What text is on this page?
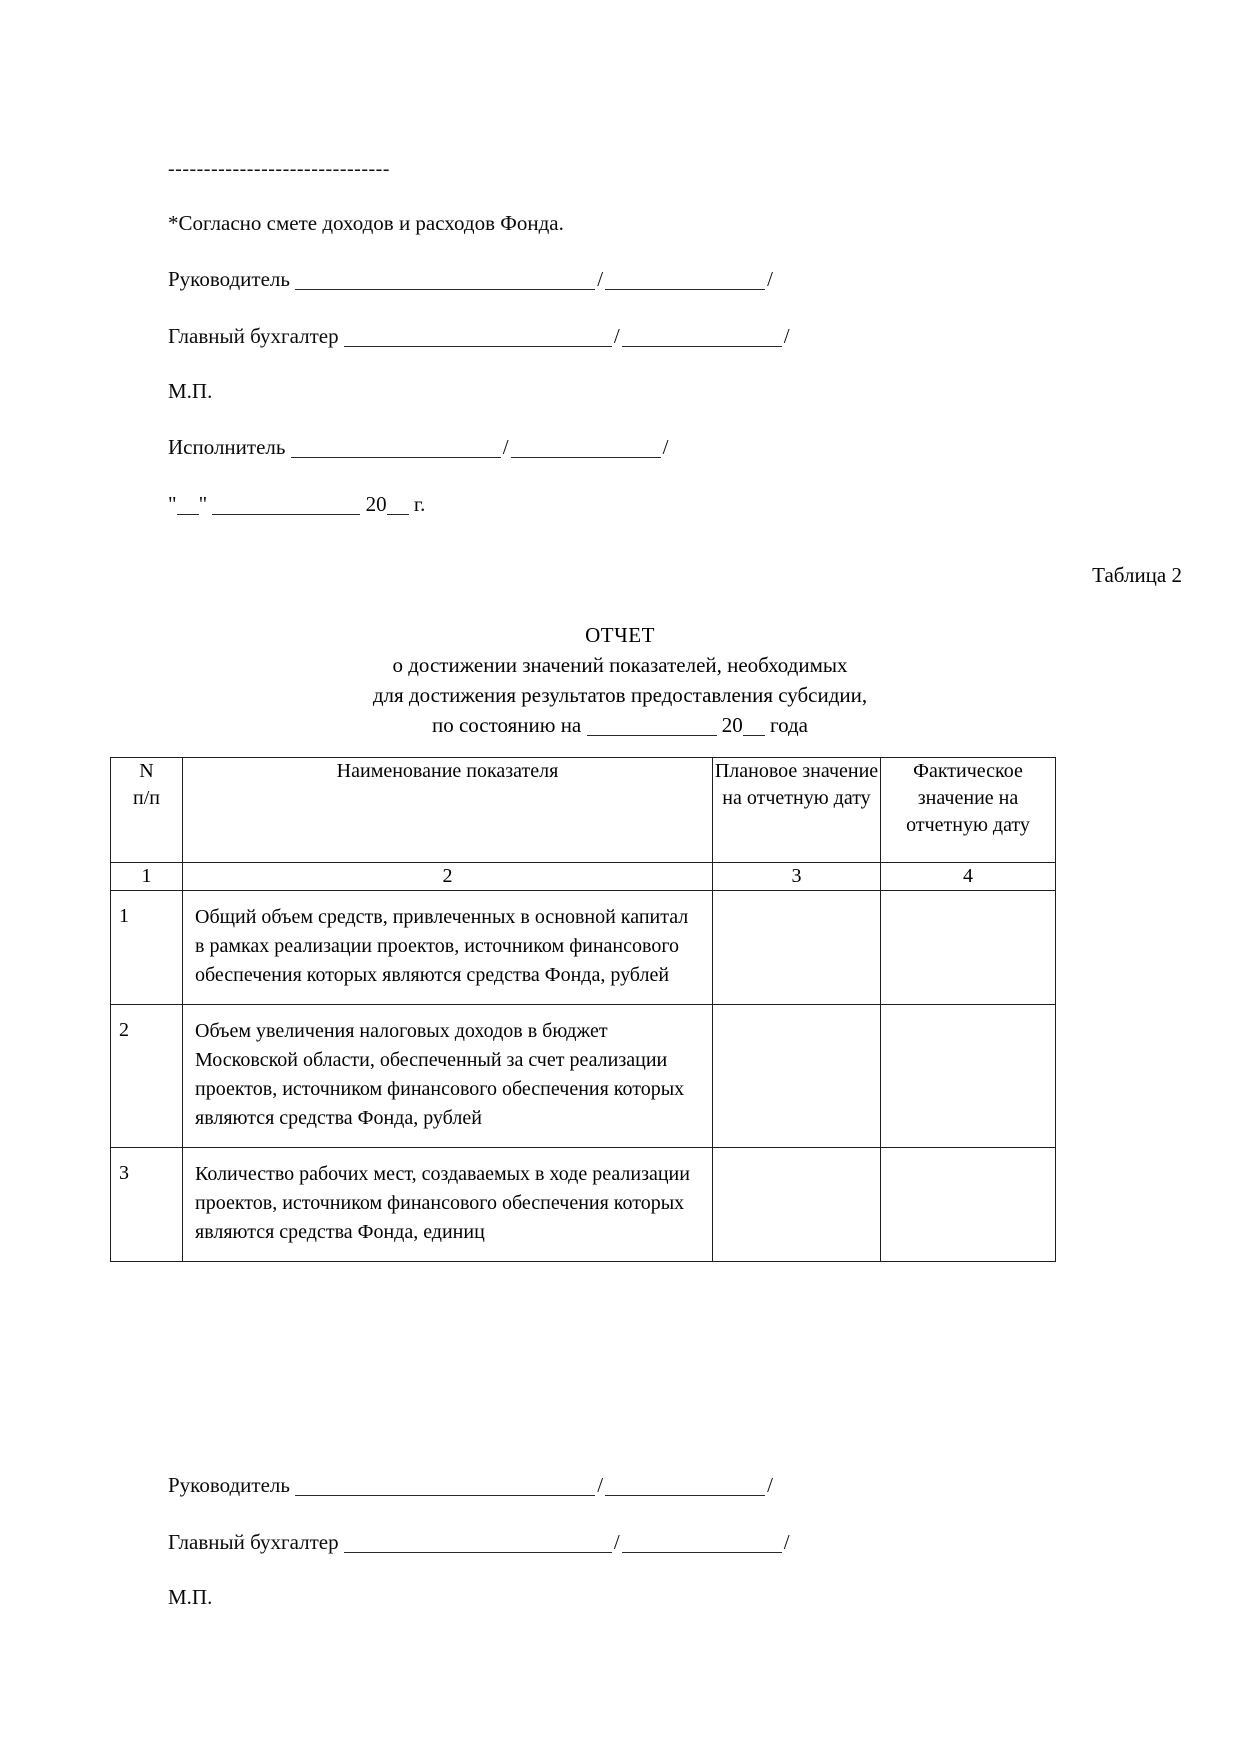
-------------------------------
*Согласно смете доходов и расходов Фонда.
Руководитель	/	/
Главный бухгалтер	/	/
М.П.
Исполнитель	/	/
" "	20 г.
Таблица 2
ОТЧЕТ
о достижении значений показателей, необходимых
для достижения результатов предоставления субсидии,
по состоянию на	20 года
N
п/п	Наименование показателя	Плановое значение на отчетную дату	Фактическое значение на отчетную дату
1	2	3	4
1	Общий объем средств, привлеченных в основной капитал в рамках реализации проектов, источником финансового обеспечения которых являются средства Фонда, рублей		
2	Объем увеличения налоговых доходов в бюджет Московской области, обеспеченный за счет реализации проектов, источником финансового обеспечения которых являются средства Фонда, рублей		
3	Количество рабочих мест, создаваемых в ходе реализации проектов, источником финансового обеспечения которых являются средства Фонда, единиц		
Руководитель	/	/
Главный бухгалтер	/	/
М.П.
